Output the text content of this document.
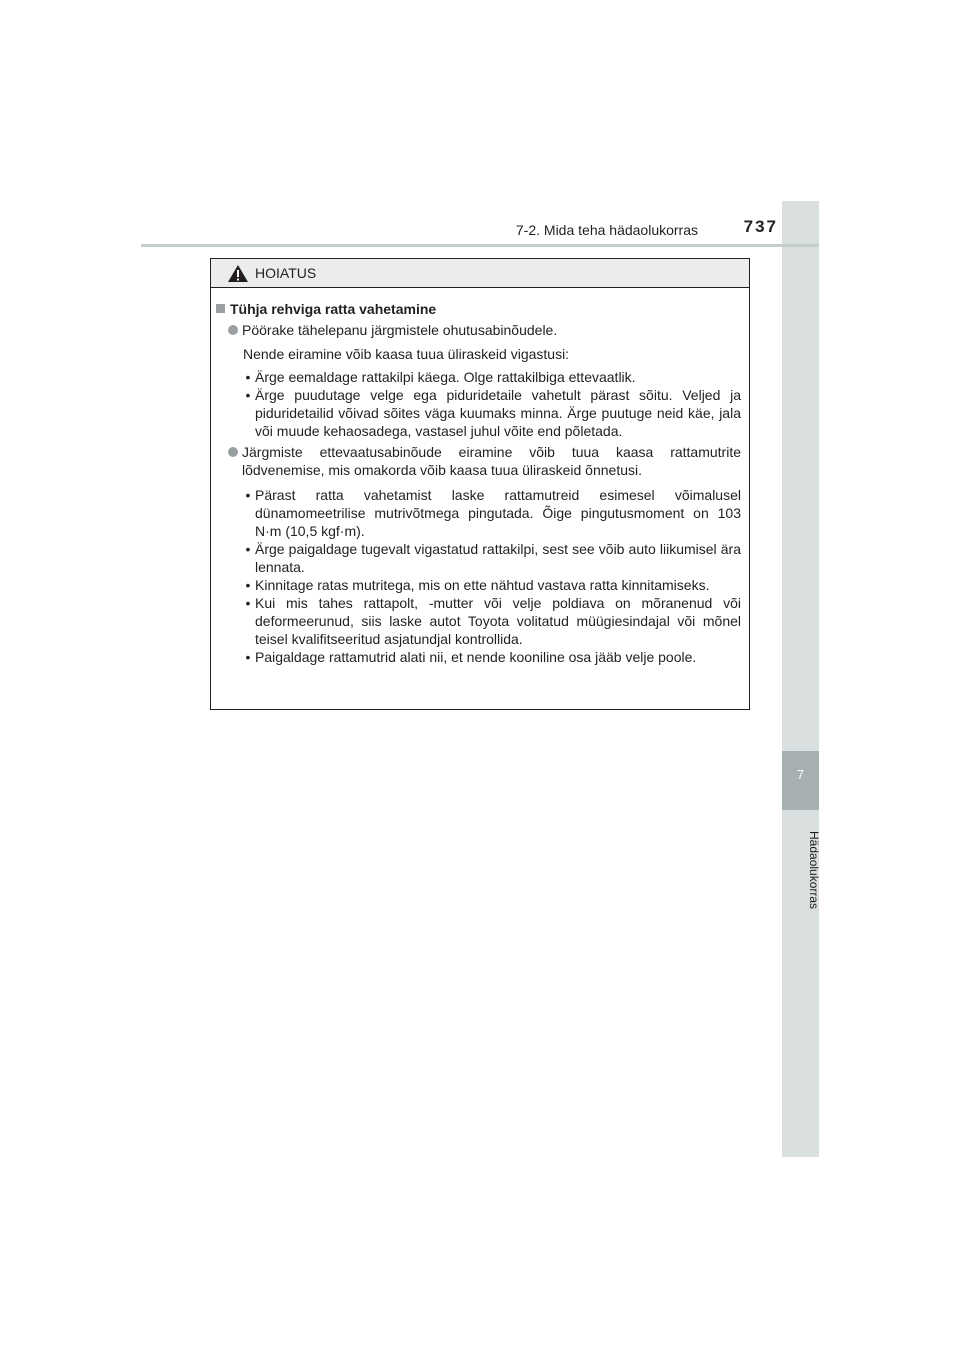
7
Hädaolukorras
7-2. Mida teha hädaolukorras	737
HOIATUS
Tühja rehviga ratta vahetamine
Pöörake tähelepanu järgmistele ohutusabinõudele.
Nende eiramine võib kaasa tuua üliraskeid vigastusi:
• Ärge eemaldage rattakilpi käega. Olge rattakilbiga ettevaatlik.
• Ärge puudutage velge ega piduridetaile vahetult pärast sõitu. Veljed ja piduridetailid võivad sõites väga kuumaks minna. Ärge puutuge neid käe, jala või muude kehaosadega, vastasel juhul võite end põletada.
Järgmiste ettevaatusabinõude eiramine võib tuua kaasa rattamutrite lõdvenemise, mis omakorda võib kaasa tuua üliraskeid õnnetusi.
• Pärast ratta vahetamist laske rattamutreid esimesel võimalusel dünamomeetrilise mutrivõtmega pingutada. Õige pingutusmoment on 103 N·m (10,5 kgf·m).
• Ärge paigaldage tugevalt vigastatud rattakilpi, sest see võib auto liikumisel ära lennata.
• Kinnitage ratas mutritega, mis on ette nähtud vastava ratta kinnitamiseks.
• Kui mis tahes rattapolt, -mutter või velje poldiava on mõranenud või deformeerunud, siis laske autot Toyota volitatud müügiesindajal või mõnel teisel kvalifitseeritud asjatundjal kontrollida.
• Paigaldage rattamutrid alati nii, et nende kooniline osa jääb velje poole.
